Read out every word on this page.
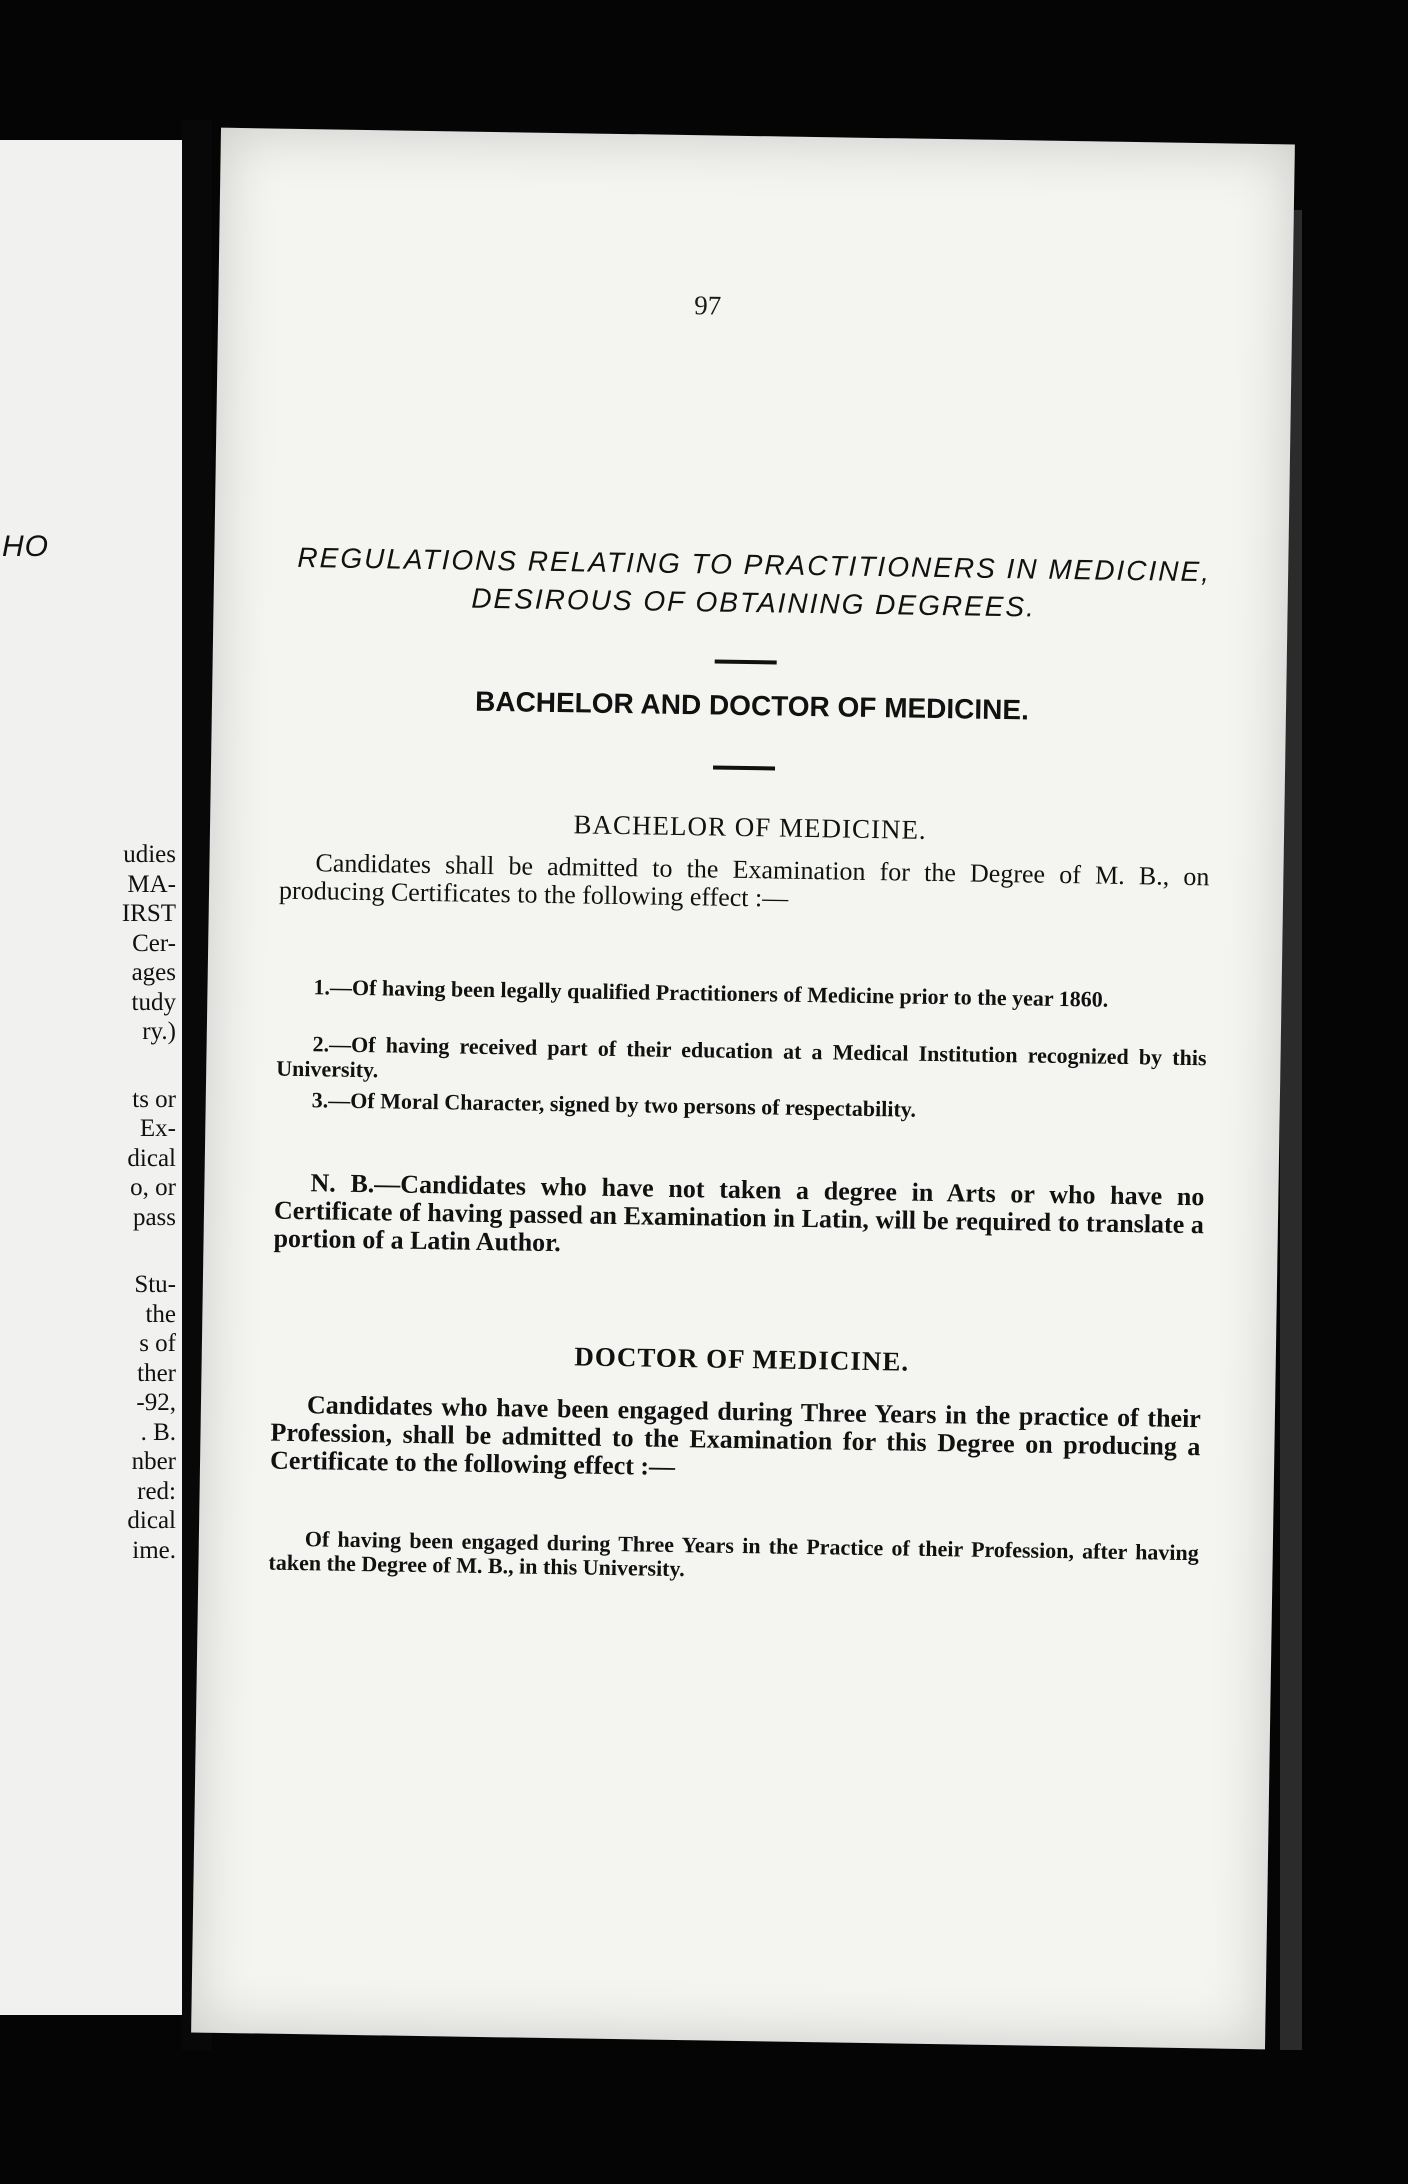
HO
udies
MA-
IRST
Cer-
ages
tudy
ry.)
ts or
Ex-
dical
o, or
pass
Stu-
the
s of
ther
-92,
. B.
nber
red:
dical
ime.
97
REGULATIONS RELATING TO PRACTITIONERS IN MEDICINE, DESIROUS OF OBTAINING DEGREES.
BACHELOR AND DOCTOR OF MEDICINE.
BACHELOR OF MEDICINE.
Candidates shall be admitted to the Examination for the Degree of M. B., on producing Certificates to the following effect :—
1.—Of having been legally qualified Practitioners of Medicine prior to the year 1860.
2.—Of having received part of their education at a Medical Institution recognized by this University.
3.—Of Moral Character, signed by two persons of respectability.
N. B.—Candidates who have not taken a degree in Arts or who have no Certificate of having passed an Examination in Latin, will be required to translate a portion of a Latin Author.
DOCTOR OF MEDICINE.
Candidates who have been engaged during Three Years in the practice of their Profession, shall be admitted to the Examination for this Degree on producing a Certificate to the following effect :—
Of having been engaged during Three Years in the Practice of their Profession, after having taken the Degree of M. B., in this University.
